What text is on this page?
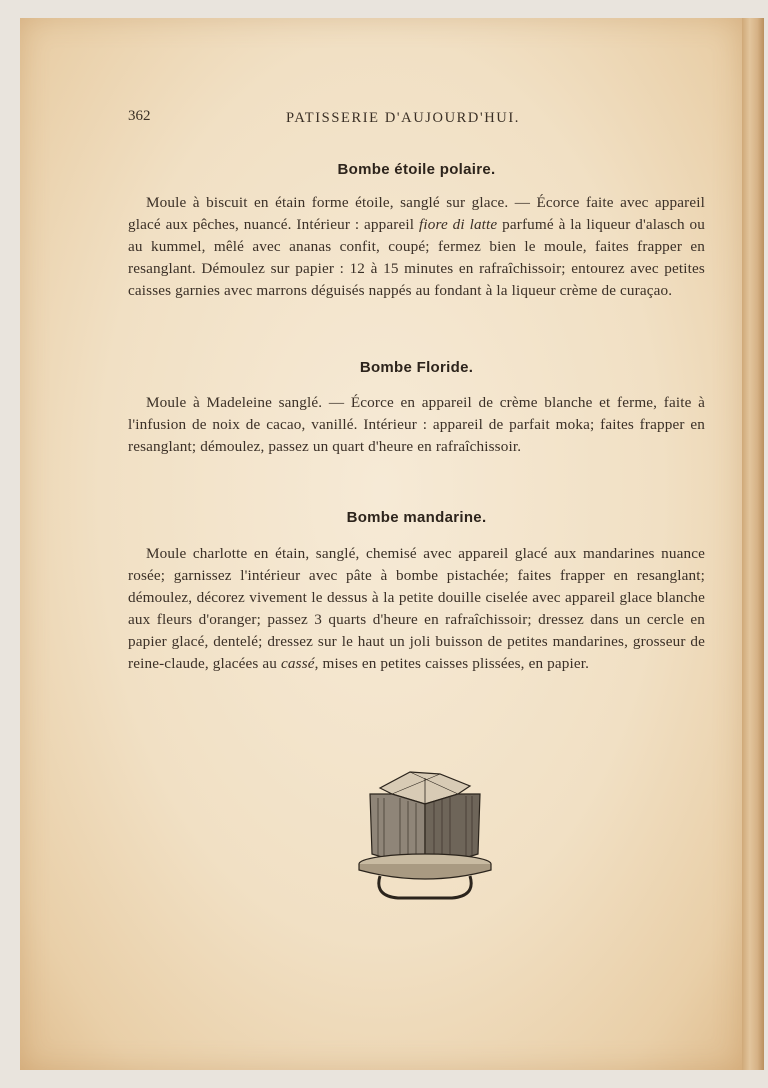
362	PATISSERIE D'AUJOURD'HUI.
Bombe étoile polaire.

Moule à biscuit en étain forme étoile, sanglé sur glace. — Écorce faite avec appareil glacé aux pêches, nuancé. Intérieur : appareil fiore di latte parfumé à la liqueur d'alasch ou au kummel, mêlé avec ananas confit, coupé; fermez bien le moule, faites frapper en resanglant. Démoulez sur papier : 12 à 15 minutes en rafraîchissoir; entourez avec petites caisses garnies avec marrons déguisés nappés au fondant à la liqueur crème de curaçao.

Bombe Floride.

Moule à Madeleine sanglé. — Écorce en appareil de crème blanche et ferme, faite à l'infusion de noix de cacao, vanillé. Intérieur : appareil de parfait moka; faites frapper en resanglant; démoulez, passez un quart d'heure en rafraîchissoir.

Bombe mandarine.

Moule charlotte en étain, sanglé, chemisé avec appareil glacé aux mandarines nuance rosée; garnissez l'intérieur avec pâte à bombe pistachée; faites frapper en resanglant; démoulez, décorez vivement le dessus à la petite douille ciselée avec appareil glace blanche aux fleurs d'oranger; passez 3 quarts d'heure en rafraîchissoir; dressez dans un cercle en papier glacé, dentelé; dressez sur le haut un joli buisson de petites mandarines, grosseur de reine-claude, glacées au cassé, mises en petites caisses plissées, en papier.
